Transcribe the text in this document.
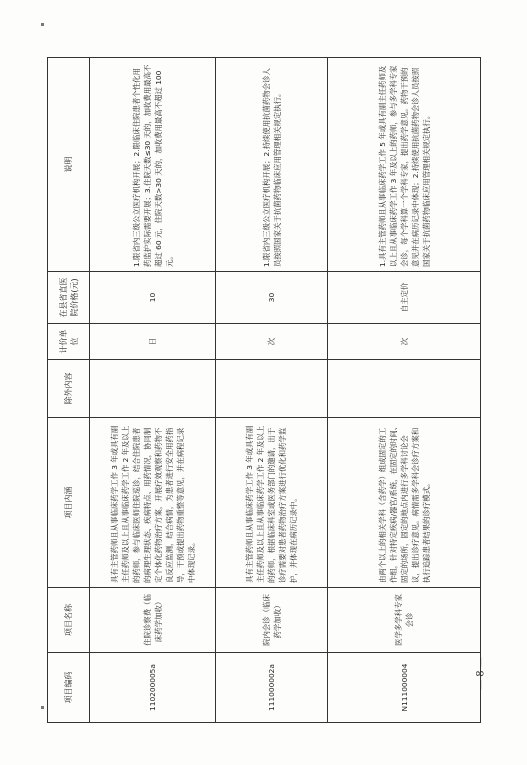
项目编码	项目名称	项目内涵	除外内容	计价单位	在县省直医院价格(元)	说明
110200005a	住院诊察费（临床药学加收）	具有主管药师且从事临床药学工作 3 年或具有副主任药师及以上且从事临床药学工作 2 年及以上的药师，参与临床医师住院巡诊，结合住院患者的病理生理状态、疾病特点、用药情况，协同制定个体化药物治疗方案，开展疗效观察和药物不良反应监测，结合病情，为患者进行安全用药指导，干预或提出药物重整等意见，并在病程记录中体现记录。		日	10	1.限省内三级公立医疗机构开展；2.限临床住院患者个性化用药监护实际需要开展；3.住院天数≤30 天的，加收费用最高不超过 60 元，住院天数>30 天的，加收费用最高不超过 100 元。
111000002a	院内会诊（临床药学加收）	具有主管药师且从事临床药学工作 3 年或具有副主任药师及以上且从事临床药学工作 2 年及以上的药师，根据临床科室或医务部门的邀请，出于诊疗需要对患者药物治疗方案进行优化和药学监护，并体现在病历记录中。		次	30	1.限省内三级公立医疗机构开展；2.持续使用抗菌药物会诊人员按照国家关于抗菌药物临床应用管理相关规定执行。
N111000004	医学多学科专家会诊	由两个以上的相关学科（含药学）组成固定的工作组，针对特定疾病/器官/系统，在固定的时间、固定的场所，固定的地点内进行多学科讨论会议，提出诊疗意见。病情需多学科会诊疗方案和执行追踪患者结果的诊疗模式。		次	自主定价	1.具有主管药师且从事临床药学工作 5 年或具有副主任药师及以上且从事临床药学工作 3 年及以上的药师，参与多学科专家会诊，每个学科算一个学科专家，提出药学意见。药物干预的意见并在病历记录中体现；2.持续使用抗菌药物会诊人员按照国家关于抗菌药物临床应用管理相关规定执行。
— 8 —
